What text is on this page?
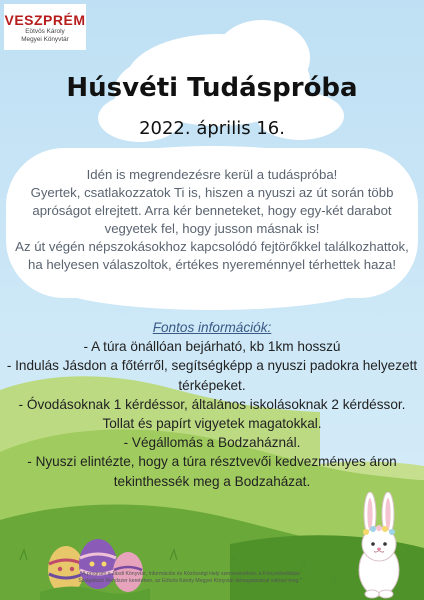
VESZPRÉM
Eötvös Károly
Megyei Könyvtár
Húsvéti Tudáspróba

2022. április 16.

Idén is megrendezésre kerül a tudáspróba!
Gyertek, csatlakozzatok Ti is, hiszen a nyuszi az út során több
apróságot elrejtett. Arra kér benneteket, hogy egy-két darabot
vegyetek fel, hogy jusson másnak is!
Az út végén népszokásokhoz kapcsolódó fejtörőkkel találkozhattok,
ha helyesen válaszoltok, értékes nyereménnyel térhettek haza!

Fontos információk:

- A túra önállóan bejárható, kb 1km hosszú

- Indulás Jásdon a főtérről, segítségképp a nyuszi padokra helyezett térképeket.

- Óvodásoknak 1 kérdéssor, általános iskolásoknak 2 kérdéssor. Tollat és papírt vigyetek magatokkal.

- Végállomás a Bodzaháznál.

- Nyuszi elintézte, hogy a túra résztvevői kedvezményes áron tekinthessék meg a Bodzaházat.

"A program a Jásdi Könyvtár, Információs és Közösségi Hely szervezésében, a Könyvtárellátási
Szolgáltató Rendszer keretében, az Eötvös Károly Megyei Könyvtár támogatásával valósul meg."
